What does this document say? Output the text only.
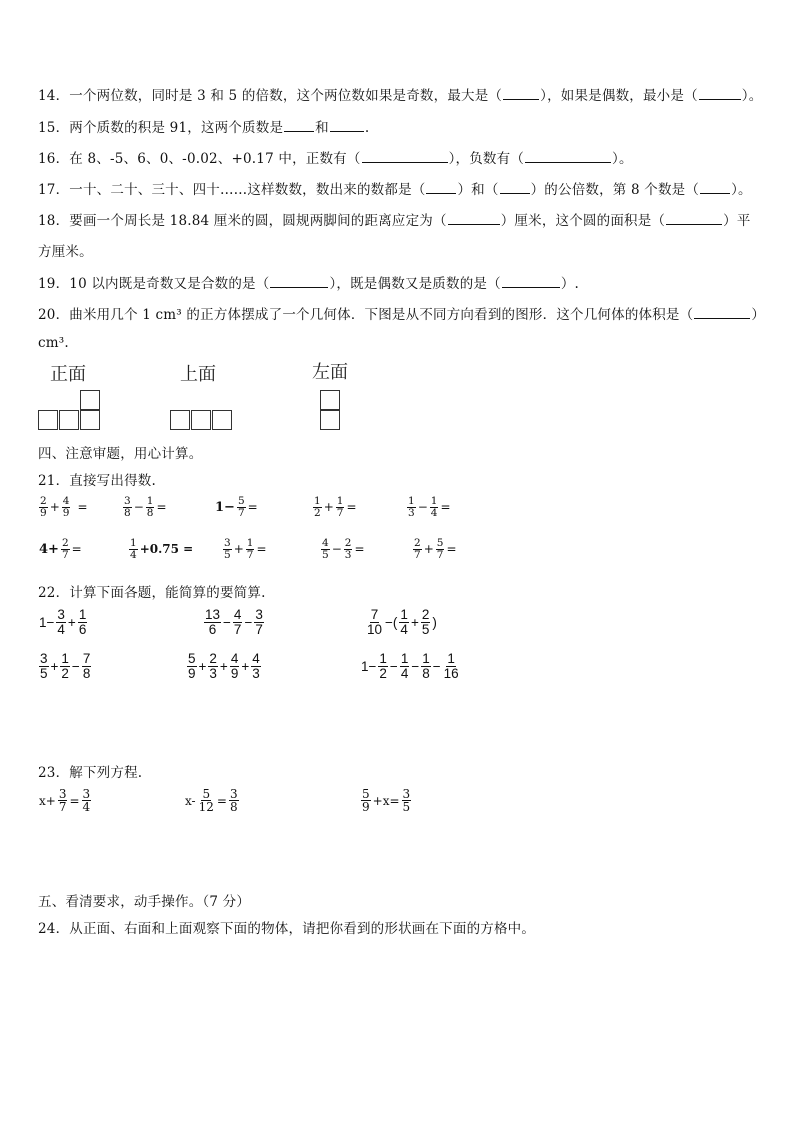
14．一个两位数，同时是 3 和 5 的倍数，这个两位数如果是奇数，最大是（	），如果是偶数，最小是（	）。
15．两个质数的积是 91，这两个质数是 和	.
16．在 8、-5、6、0、-0.02、+0.17 中，正数有（	），负数有（	）。
17．一十、二十、三十、四十……这样数数，数出来的数都是（ ）和（ ）的公倍数，第 8 个数是（ ）。
18．要画一个周长是 18.84 厘米的圆，圆规两脚间的距离应定为（	）厘米，这个圆的面积是（	）平
方厘米。
19．10 以内既是奇数又是合数的是（	），既是偶数又是质数的是（	）.
20．曲米用几个 1 cm³ 的正方体摆成了一个几何体．下图是从不同方向看到的图形．这个几何体的体积是（	）
cm³.
正面	上面	左面
四、注意审题，用心计算。
21．直接写出得数.
$\frac{2}{9} + \frac{4}{9}$ =	$\frac{3}{8} - \frac{1}{8}$ =	$1- \frac{5}{7}$ =	$\frac{1}{2} + \frac{1}{7}$ =	$\frac{1}{3} - \frac{1}{4}$ =
$4+ \frac{2}{7}$ =	$\frac{1}{4} +0.75$ =	$\frac{3}{5} + \frac{1}{7}$ =	$\frac{4}{5} - \frac{2}{3}$ =	$\frac{2}{7} + \frac{5}{7}$ =
22．计算下面各题，能简算的要简算.
$1- \frac{3}{4} + \frac{1}{6}$	$\frac{13}{6} - \frac{4}{7} - \frac{3}{7}$	$\frac{7}{10}$ −( $\frac{1}{4} + \frac{2}{5}$ )
$\frac{3}{5} + \frac{1}{2} - \frac{7}{8}$	$\frac{5}{9} + \frac{2}{3} + \frac{4}{9} + \frac{4}{3}$	$1- \frac{1}{2} - \frac{1}{4} - \frac{1}{8} - \frac{1}{16}$
23．解下列方程.
$x+ \frac{3}{7} = \frac{3}{4}$	$x- \frac{5}{12} = \frac{3}{8}$	$\frac{5}{9} +x= \frac{3}{5}$
五、看清要求，动手操作。（7 分）
24．从正面、右面和上面观察下面的物体，请把你看到的形状画在下面的方格中。
